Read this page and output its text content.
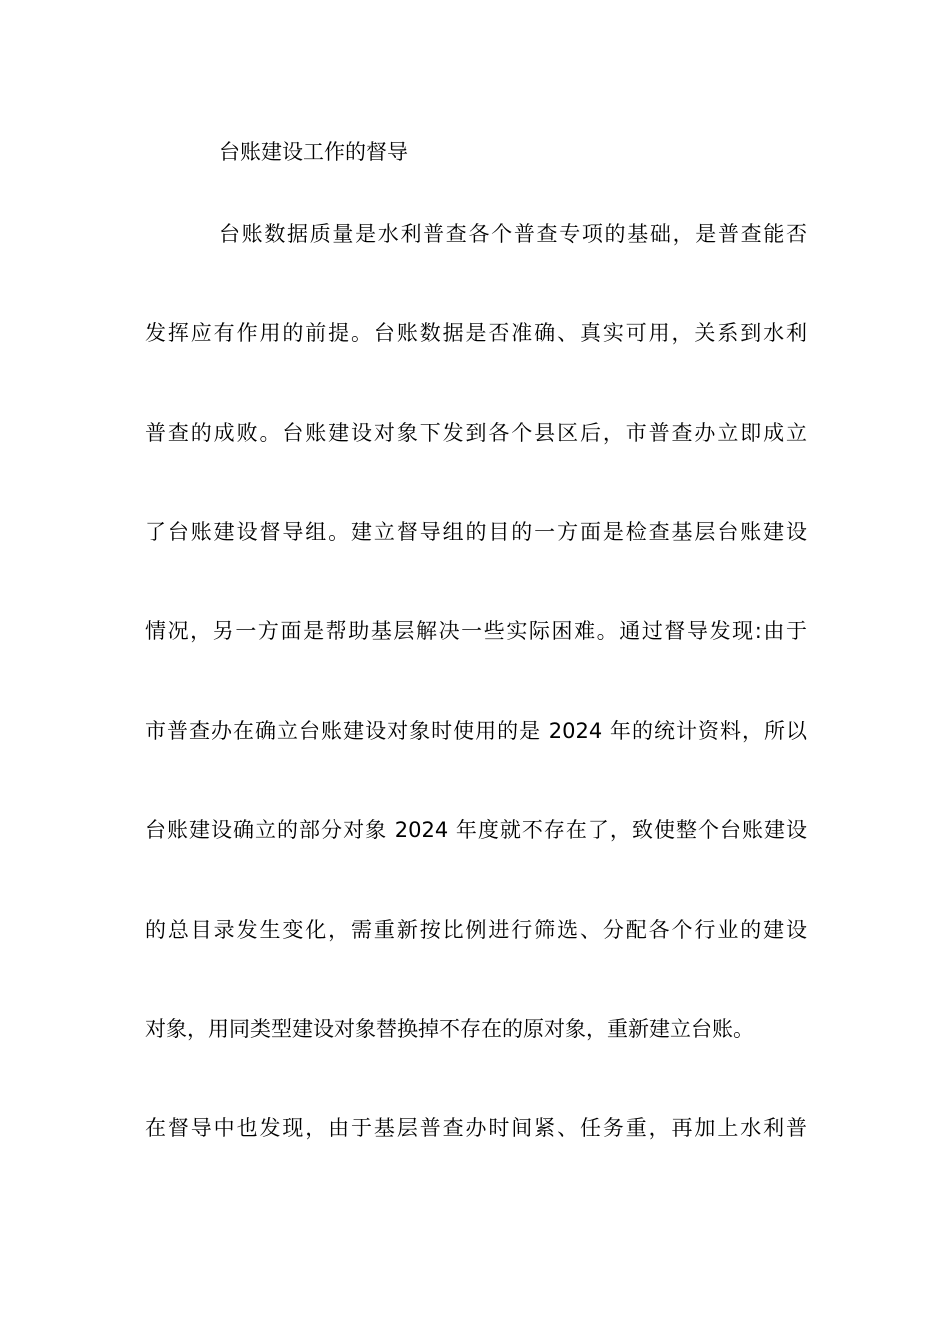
台账建设工作的督导
台账数据质量是水利普查各个普查专项的基础，是普查能否
发挥应有作用的前提。台账数据是否准确、真实可用，关系到水利
普查的成败。台账建设对象下发到各个县区后，市普查办立即成立
了台账建设督导组。建立督导组的目的一方面是检查基层台账建设
情况，另一方面是帮助基层解决一些实际困难。通过督导发现:由于
市普查办在确立台账建设对象时使用的是 2024 年的统计资料，所以
台账建设确立的部分对象 2024 年度就不存在了，致使整个台账建设
的总目录发生变化，需重新按比例进行筛选、分配各个行业的建设
对象，用同类型建设对象替换掉不存在的原对象，重新建立台账。
在督导中也发现，由于基层普查办时间紧、任务重，再加上水利普
